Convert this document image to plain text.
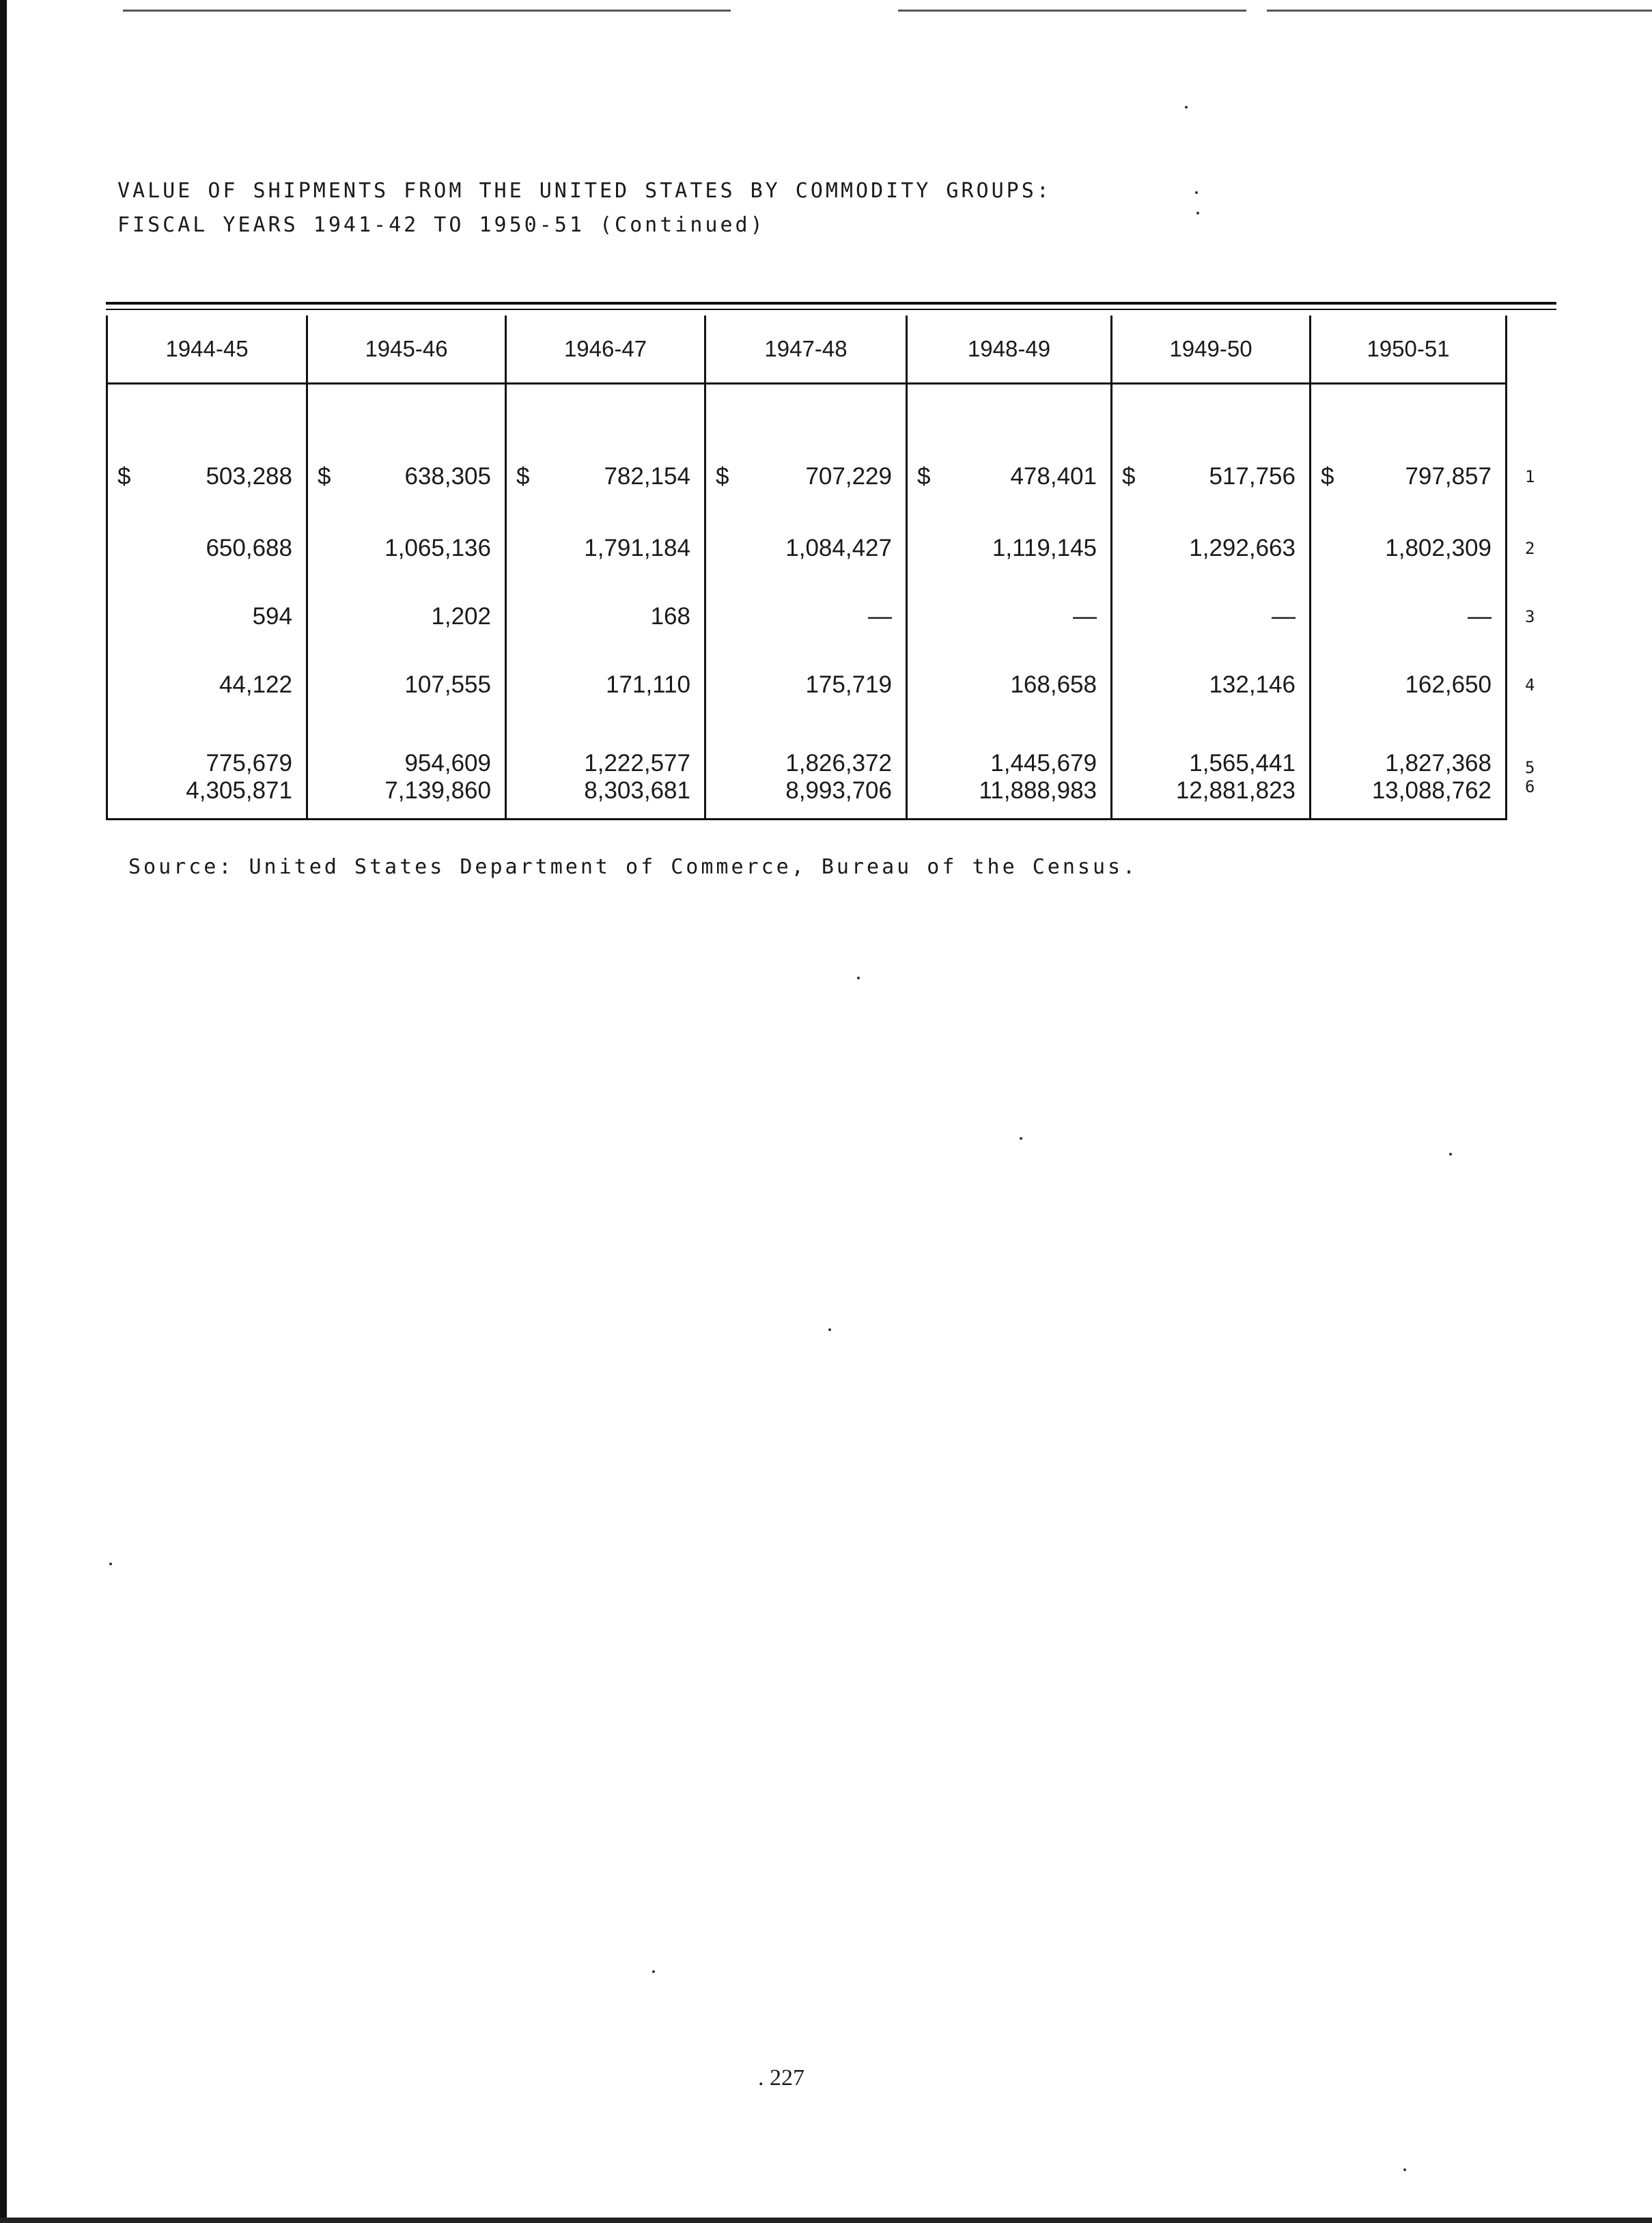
VALUE OF SHIPMENTS FROM THE UNITED STATES BY COMMODITY GROUPS:
FISCAL YEARS 1941-42 TO 1950-51 (Continued)
1944-45	1945-46	1946-47	1947-48	1948-49	1949-50	1950-51	

$ 503,288	$ 638,305	$ 782,154	$ 707,229	$ 478,401	$ 517,756	$ 797,857	1
650,688	1,065,136	1,791,184	1,084,427	1,119,145	1,292,663	1,802,309	2
594	1,202	168	—	—	—	—	3
44,122	107,555	171,110	175,719	168,658	132,146	162,650	4
775,679	954,609	1,222,577	1,826,372	1,445,679	1,565,441	1,827,368	5
4,305,871	7,139,860	8,303,681	8,993,706	11,888,983	12,881,823	13,088,762	6
Source: United States Department of Commerce, Bureau of the Census.
. 227
